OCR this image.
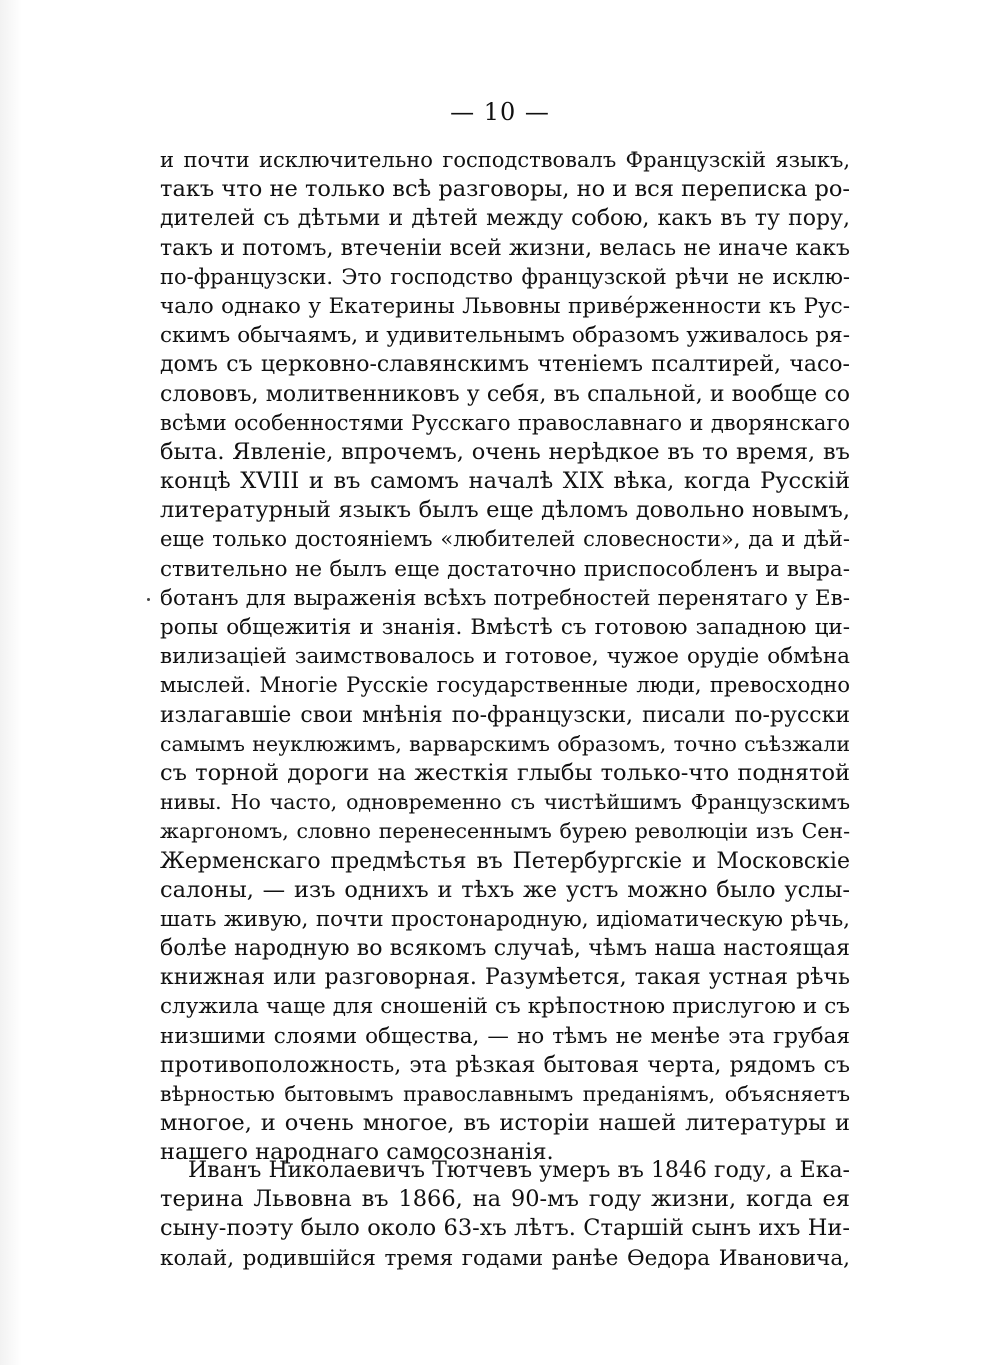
— 10 —
и почти исключительно господствовалъ Французскій языкъ,
такъ что не только всѣ разговоры, но и вся переписка ро-
дителей съ дѣтьми и дѣтей между собою, какъ въ ту пору,
такъ и потомъ, втеченіи всей жизни, велась не иначе какъ
по-французски. Это господство французской рѣчи не исклю-
чало однако у Екатерины Львовны привéрженности къ Рус-
скимъ обычаямъ, и удивительнымъ образомъ уживалось ря-
домъ съ церковно-славянскимъ чтеніемъ псалтирей, часо-
слововъ, молитвенниковъ у себя, въ спальной, и вообще со
всѣми особенностями Русскаго православнаго и дворянскаго
быта. Явленіе, впрочемъ, очень нерѣдкое въ то время, въ
концѣ XVIII и въ самомъ началѣ XIX вѣка, когда Русскій
литературный языкъ былъ еще дѣломъ довольно новымъ,
еще только достояніемъ «любителей словесности», да и дѣй-
ствительно не былъ еще достаточно приспособленъ и выра-
ботанъ для выраженія всѣхъ потребностей перенятаго у Ев-
ропы общежитія и знанія. Вмѣстѣ съ готовою западною ци-
вилизацiей заимствовалось и готовое, чужое орудіе обмѣна
мыслей. Многіе Русскіе государственные люди, превосходно
излагавшіе свои мнѣнія по-французски, писали по-русски
самымъ неуклюжимъ, варварскимъ образомъ, точно съѣзжали
съ торной дороги на жесткія глыбы только-что поднятой
нивы. Но часто, одновременно съ чистѣйшимъ Французскимъ
жаргономъ, словно перенесеннымъ бурею революціи изъ Сен-
Жерменскаго предмѣстья въ Петербургскіе и Московскіе
салоны, — изъ однихъ и тѣхъ же устъ можно было услы-
шать живую, почти простонародную, идіоматическую рѣчь,
болѣе народную во всякомъ случаѣ, чѣмъ наша настоящая
книжная или разговорная. Разумѣется, такая устная рѣчь
служила чаще для сношеній съ крѣпостною прислугою и съ
низшими слоями общества, — но тѣмъ не менѣе эта грубая
противоположность, эта рѣзкая бытовая черта, рядомъ съ
вѣрностью бытовымъ православнымъ преданіямъ, объясняетъ
многое, и очень многое, въ исторіи нашей литературы и
нашего народнаго самосознанія.
Иванъ Николаевичъ Тютчевъ умеръ въ 1846 году, а Ека-
терина Львовна въ 1866, на 90-мъ году жизни, когда ея
сыну-поэту было около 63-хъ лѣтъ. Старшій сынъ ихъ Ни-
колай, родившійся тремя годами ранѣе Ѳедора Ивановича,
